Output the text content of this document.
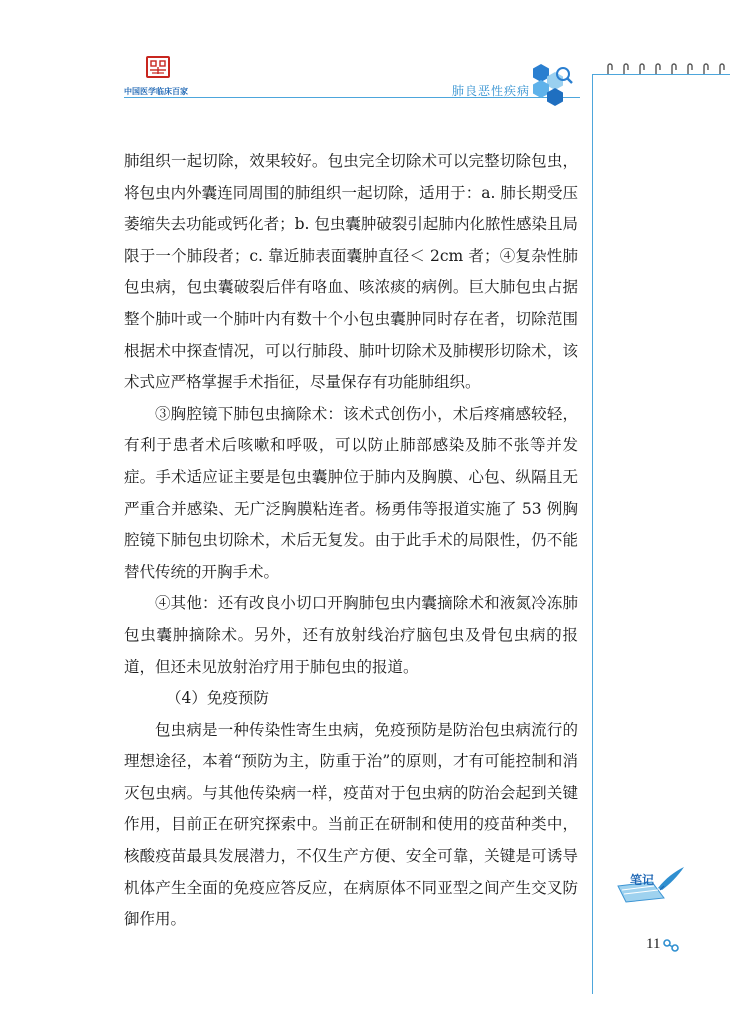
中国医学临床百家	肺良恶性疾病

肺组织一起切除，效果较好。包虫完全切除术可以完整切除包虫，将包虫内外囊连同周围的肺组织一起切除，适用于：a. 肺长期受压萎缩失去功能或钙化者；b. 包虫囊肿破裂引起肺内化脓性感染且局限于一个肺段者；c. 靠近肺表面囊肿直径＜ 2cm 者；④复杂性肺包虫病，包虫囊破裂后伴有咯血、咳浓痰的病例。巨大肺包虫占据整个肺叶或一个肺叶内有数十个小包虫囊肿同时存在者，切除范围根据术中探查情况，可以行肺段、肺叶切除术及肺楔形切除术，该术式应严格掌握手术指征，尽量保存有功能肺组织。

③胸腔镜下肺包虫摘除术：该术式创伤小，术后疼痛感较轻，有利于患者术后咳嗽和呼吸，可以防止肺部感染及肺不张等并发症。手术适应证主要是包虫囊肿位于肺内及胸膜、心包、纵隔且无严重合并感染、无广泛胸膜粘连者。杨勇伟等报道实施了 53 例胸腔镜下肺包虫切除术，术后无复发。由于此手术的局限性，仍不能替代传统的开胸手术。

④其他：还有改良小切口开胸肺包虫内囊摘除术和液氮冷冻肺包虫囊肿摘除术。另外，还有放射线治疗脑包虫及骨包虫病的报道，但还未见放射治疗用于肺包虫的报道。

（4）免疫预防

包虫病是一种传染性寄生虫病，免疫预防是防治包虫病流行的理想途径，本着“预防为主，防重于治”的原则，才有可能控制和消灭包虫病。与其他传染病一样，疫苗对于包虫病的防治会起到关键作用，目前正在研究探索中。当前正在研制和使用的疫苗种类中，核酸疫苗最具发展潜力，不仅生产方便、安全可靠，关键是可诱导机体产生全面的免疫应答反应，在病原体不同亚型之间产生交叉防御作用。

笔记
11
